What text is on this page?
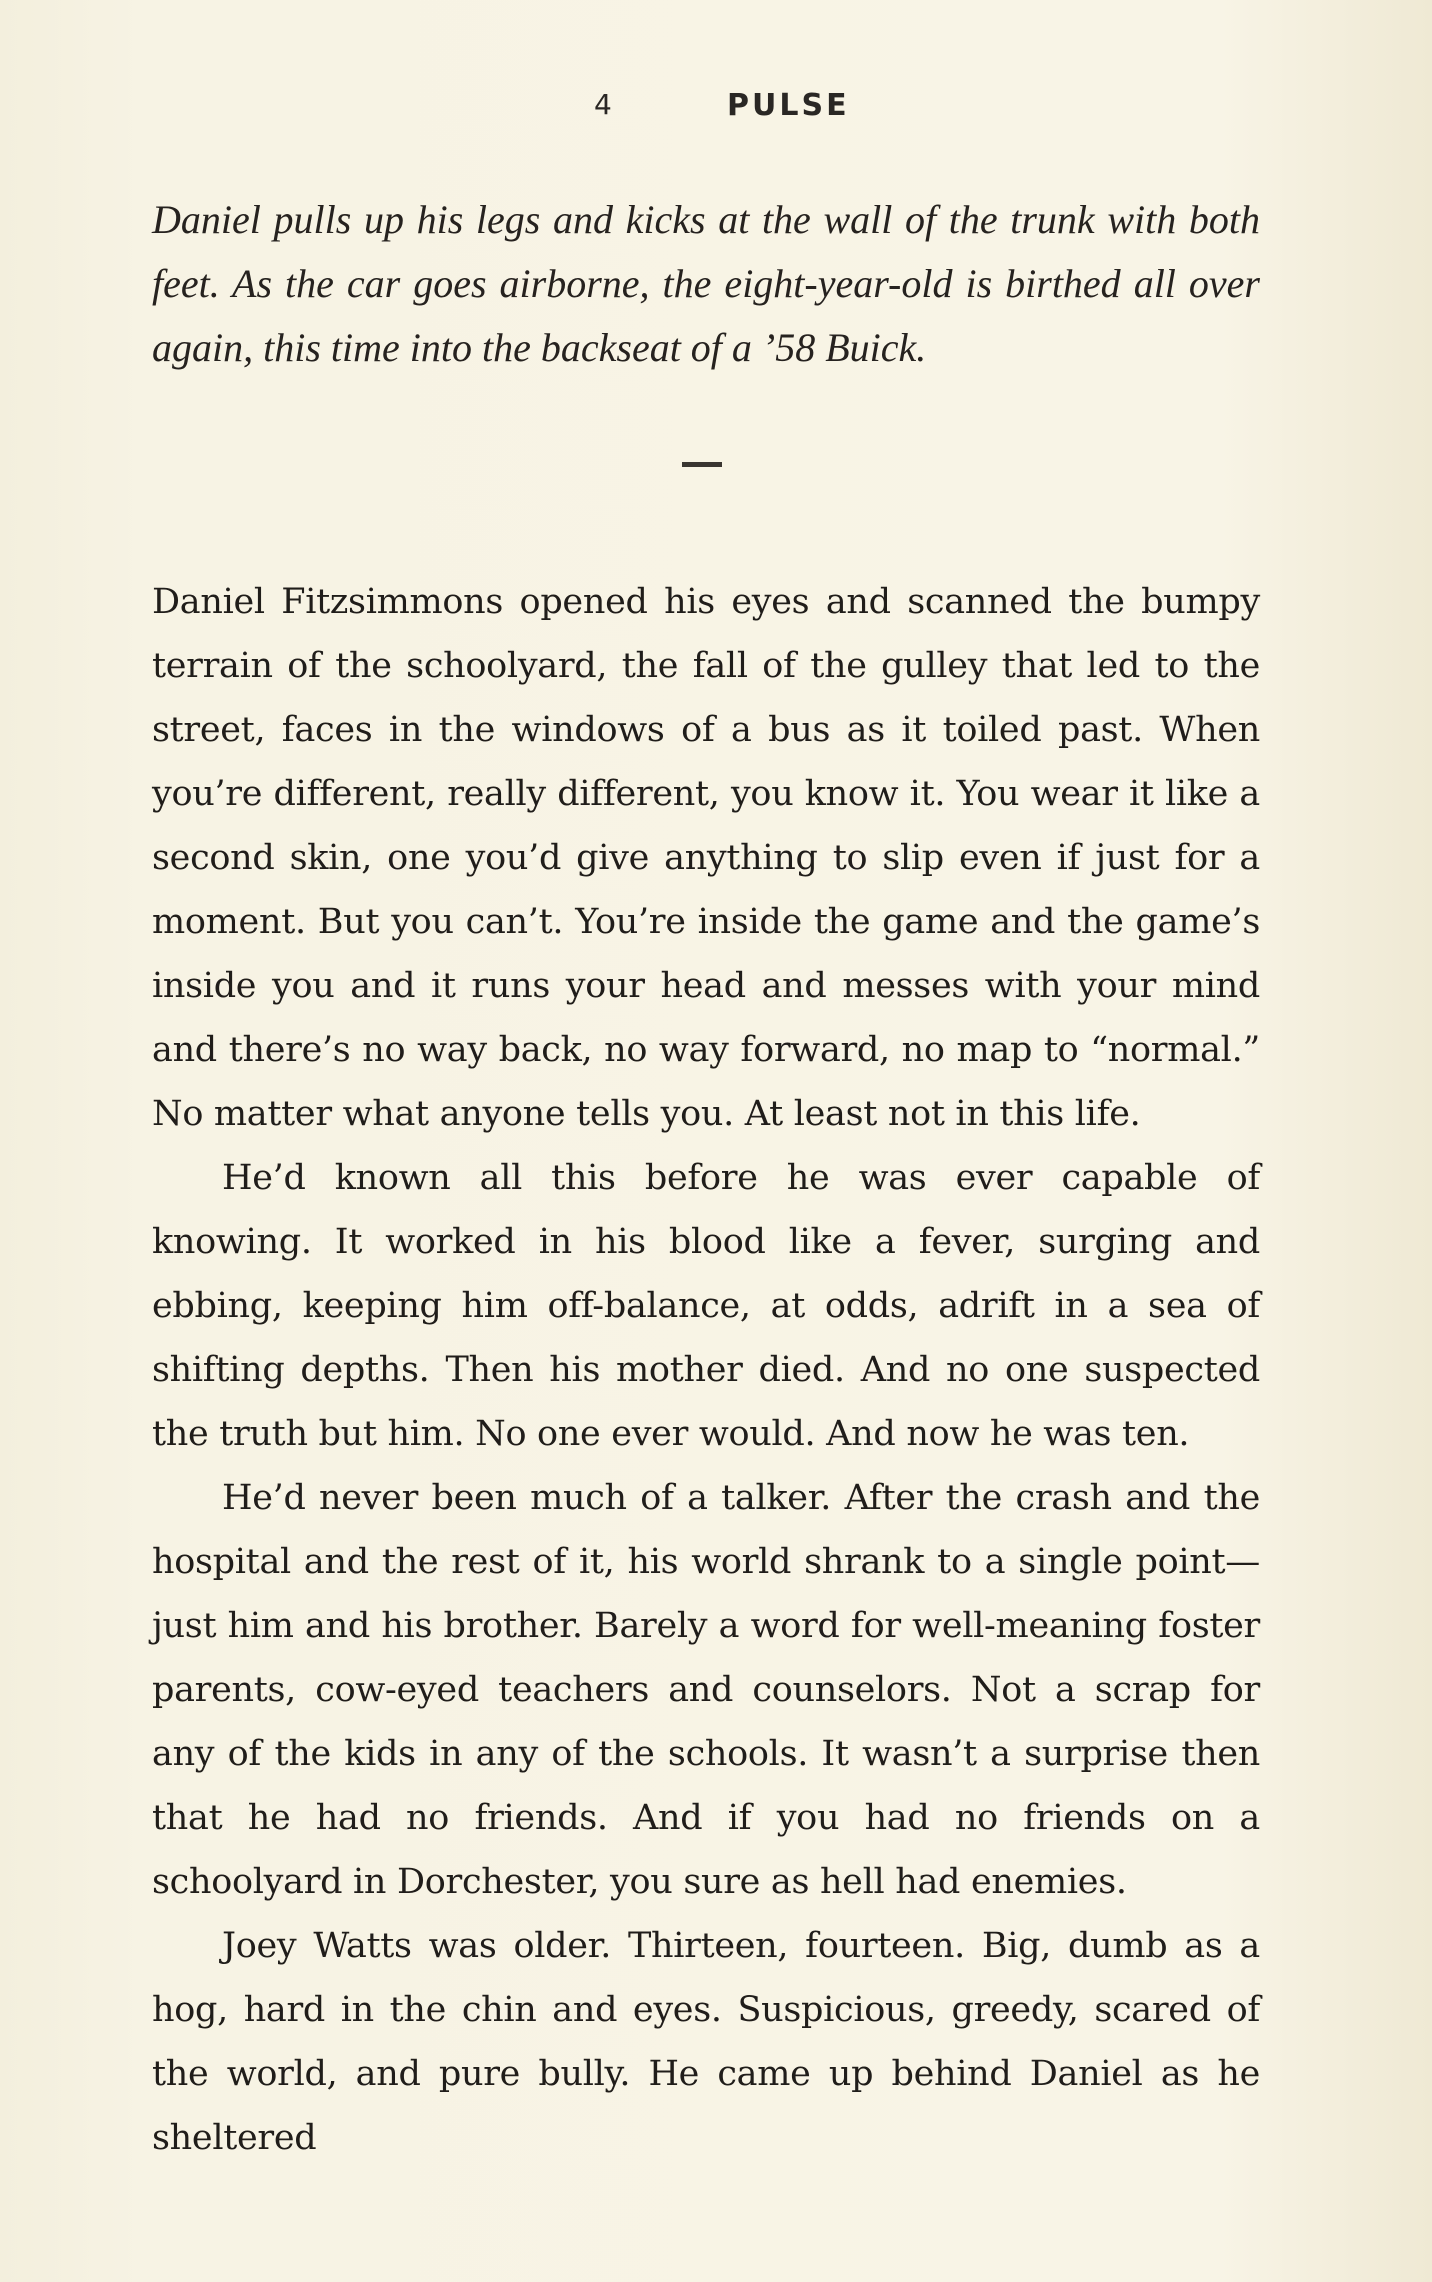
4	PULSE

Daniel pulls up his legs and kicks at the wall of the trunk with both feet. As the car goes airborne, the eight-year-old is birthed all over again, this time into the backseat of a ’58 Buick.

Daniel Fitzsimmons opened his eyes and scanned the bumpy terrain of the schoolyard, the fall of the gulley that led to the street, faces in the windows of a bus as it toiled past. When you’re different, really different, you know it. You wear it like a second skin, one you’d give anything to slip even if just for a moment. But you can’t. You’re inside the game and the game’s inside you and it runs your head and messes with your mind and there’s no way back, no way forward, no map to “normal.” No matter what anyone tells you. At least not in this life.

He’d known all this before he was ever capable of knowing. It worked in his blood like a fever, surging and ebbing, keeping him off-balance, at odds, adrift in a sea of shifting depths. Then his mother died. And no one suspected the truth but him. No one ever would. And now he was ten.

He’d never been much of a talker. After the crash and the hospital and the rest of it, his world shrank to a single point—just him and his brother. Barely a word for well-meaning foster parents, cow-eyed teachers and counselors. Not a scrap for any of the kids in any of the schools. It wasn’t a surprise then that he had no friends. And if you had no friends on a schoolyard in Dorchester, you sure as hell had enemies.

Joey Watts was older. Thirteen, fourteen. Big, dumb as a hog, hard in the chin and eyes. Suspicious, greedy, scared of the world, and pure bully. He came up behind Daniel as he sheltered
